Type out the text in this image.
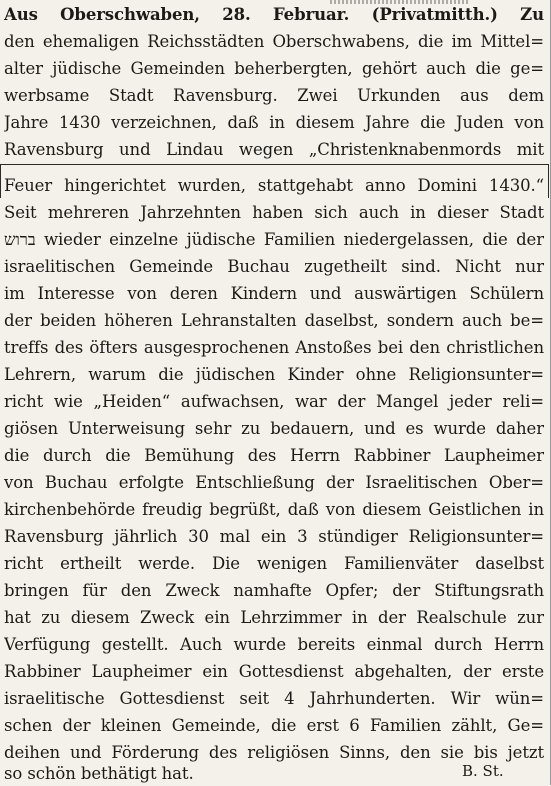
Aus Oberschwaben, 28. Februar. (Privatmitth.) Zu
den ehemaligen Reichsstädten Oberschwabens, die im Mittel=
alter jüdische Gemeinden beherbergten, gehört auch die ge=
werbsame Stadt Ravensburg. Zwei Urkunden aus dem
Jahre 1430 verzeichnen, daß in diesem Jahre die Juden von
Ravensburg und Lindau wegen „Christenknabenmords mit
Feuer hingerichtet wurden, stattgehabt anno Domini 1430.“
Seit mehreren Jahrzehnten haben sich auch in dieser Stadt
ברוש wieder einzelne jüdische Familien niedergelassen, die der
israelitischen Gemeinde Buchau zugetheilt sind. Nicht nur
im Interesse von deren Kindern und auswärtigen Schülern
der beiden höheren Lehranstalten daselbst, sondern auch be=
treffs des öfters ausgesprochenen Anstoßes bei den christlichen
Lehrern, warum die jüdischen Kinder ohne Religionsunter=
richt wie „Heiden“ aufwachsen, war der Mangel jeder reli=
giösen Unterweisung sehr zu bedauern, und es wurde daher
die durch die Bemühung des Herrn Rabbiner Laupheimer
von Buchau erfolgte Entschließung der Israelitischen Ober=
kirchenbehörde freudig begrüßt, daß von diesem Geistlichen in
Ravensburg jährlich 30 mal ein 3 stündiger Religionsunter=
richt ertheilt werde. Die wenigen Familienväter daselbst
bringen für den Zweck namhafte Opfer; der Stiftungsrath
hat zu diesem Zweck ein Lehrzimmer in der Realschule zur
Verfügung gestellt. Auch wurde bereits einmal durch Herrn
Rabbiner Laupheimer ein Gottesdienst abgehalten, der erste
israelitische Gottesdienst seit 4 Jahrhunderten. Wir wün=
schen der kleinen Gemeinde, die erst 6 Familien zählt, Ge=
deihen und Förderung des religiösen Sinns, den sie bis jetzt
so schön bethätigt hat.	B. St.
